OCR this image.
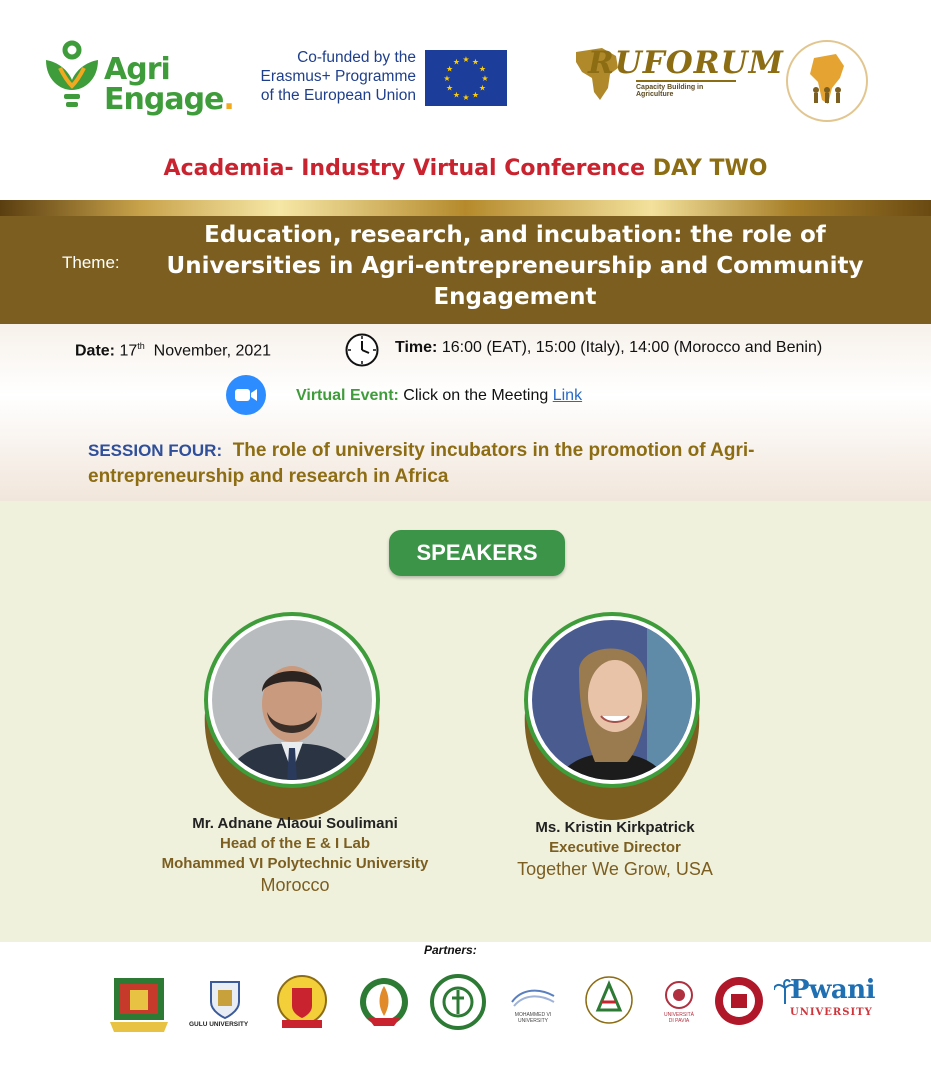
Agri
Engage.
Co-funded by the
Erasmus+ Programme
of the European Union
★ ★
★
★
★
★
★
★
★
★
★
★	RUFORUM
Capacity Building in Agriculture
Academia- Industry Virtual Conference DAY TWO
Theme:
Education, research, and incubation: the role of Universities in Agri-entrepreneurship and Community Engagement
Date: 17th November, 2021	Time: 16:00 (EAT), 15:00 (Italy), 14:00 (Morocco and Benin)
Virtual Event: Click on the Meeting Link
SESSION FOUR: The role of university incubators in the promotion of Agri-entrepreneurship and research in Africa
SPEAKERS
Mr. Adnane Alaoui Soulimani
Head of the E & I Lab
Mohammed VI Polytechnic University
Morocco
Ms. Kristin Kirkpatrick
Executive Director
Together We Grow, USA
Partners:
GULU UNIVERSITY
MOHAMMED VI UNIVERSITY
UNIVERSITÀ DI PAVIA
Pwani
UNIVERSITY
